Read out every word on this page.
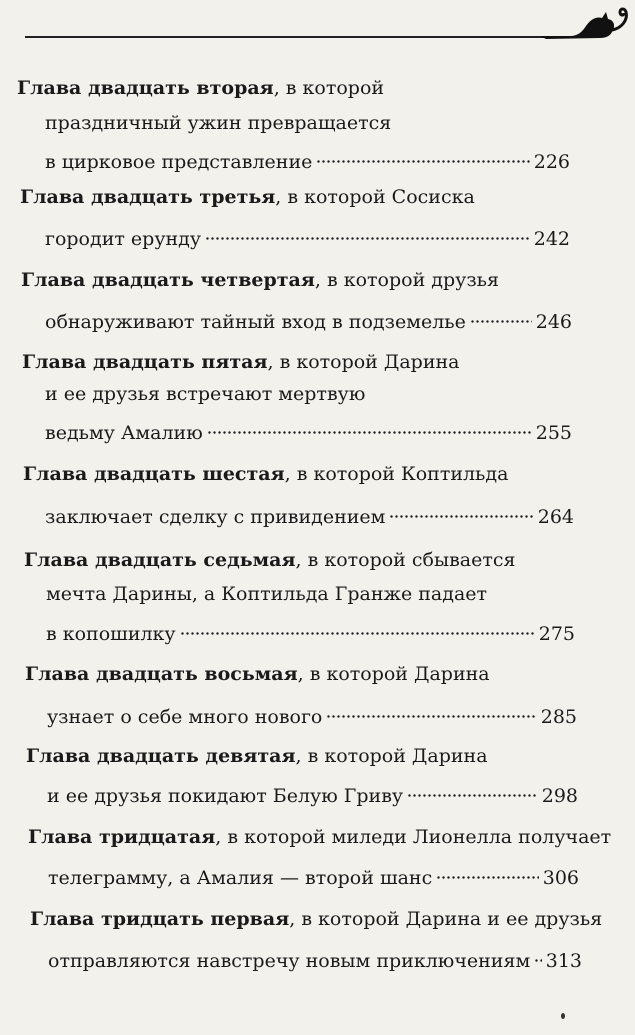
Глава двадцать вторая , в которой
праздничный ужин превращается
в цирковое представление	226
Глава двадцать третья , в которой Сосиска
городит ерунду	242
Глава двадцать четвертая , в которой друзья
обнаруживают тайный вход в подземелье	246
Глава двадцать пятая , в которой Дарина
и ее друзья встречают мертвую
ведьму Амалию	255
Глава двадцать шестая , в которой Коптильда
заключает сделку с привидением	264
Глава двадцать седьмая , в которой сбывается
мечта Дарины, а Коптильда Гранже падает
в копошилку	275
Глава двадцать восьмая , в которой Дарина
узнает о себе много нового	285
Глава двадцать девятая , в которой Дарина
и ее друзья покидают Белую Гриву	298
Глава тридцатая , в которой миледи Лионелла получает
телеграмму, а Амалия — второй шанс	306
Глава тридцать первая , в которой Дарина и ее друзья
отправляются навстречу новым приключениям 313
